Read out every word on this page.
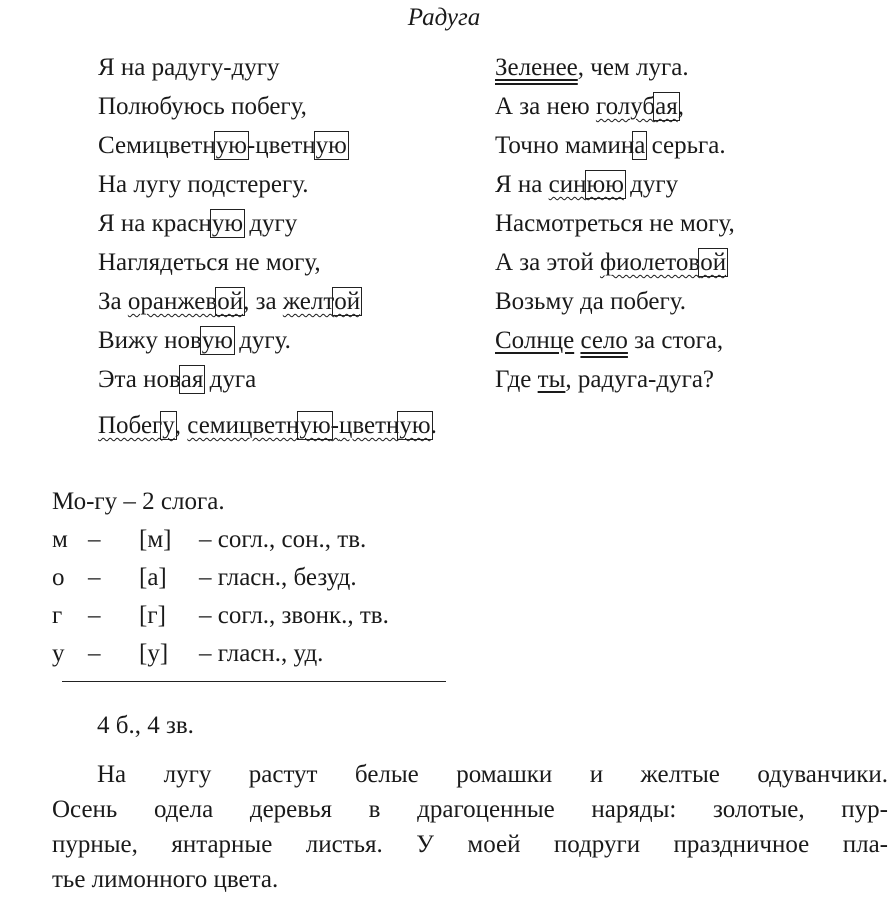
Радуга
Я на радугу-дугу
Полюбуюсь побегу,
Семицветную-цветную
На лугу подстерегу.
Я на красную дугу
Наглядеться не могу,
За оранжевой, за желтой
Вижу новую дугу.
Эта новая дуга
Зеленее, чем луга.
А за нею голубая,
Точно мамина серьга.
Я на синюю дугу
Насмотреться не могу,
А за этой фиолетовой
Возьму да побегу.
Солнце село за стога,
Где ты, радуга-дуга?
Побегу, семицветную-цветную.
Мо-гу – 2 слога.
м –	[м]	– согл., сон., тв.
о –	[а]	– гласн., безуд.
г	–	[г]	– согл., звонк., тв.
у –	[у]	– гласн., уд.
4 б., 4 зв.
На лугу растут белые ромашки и желтые одуванчики.
Осень одела деревья в драгоценные наряды: золотые, пур-
пурные, янтарные листья. У моей подруги праздничное пла-
тье лимонного цвета.
